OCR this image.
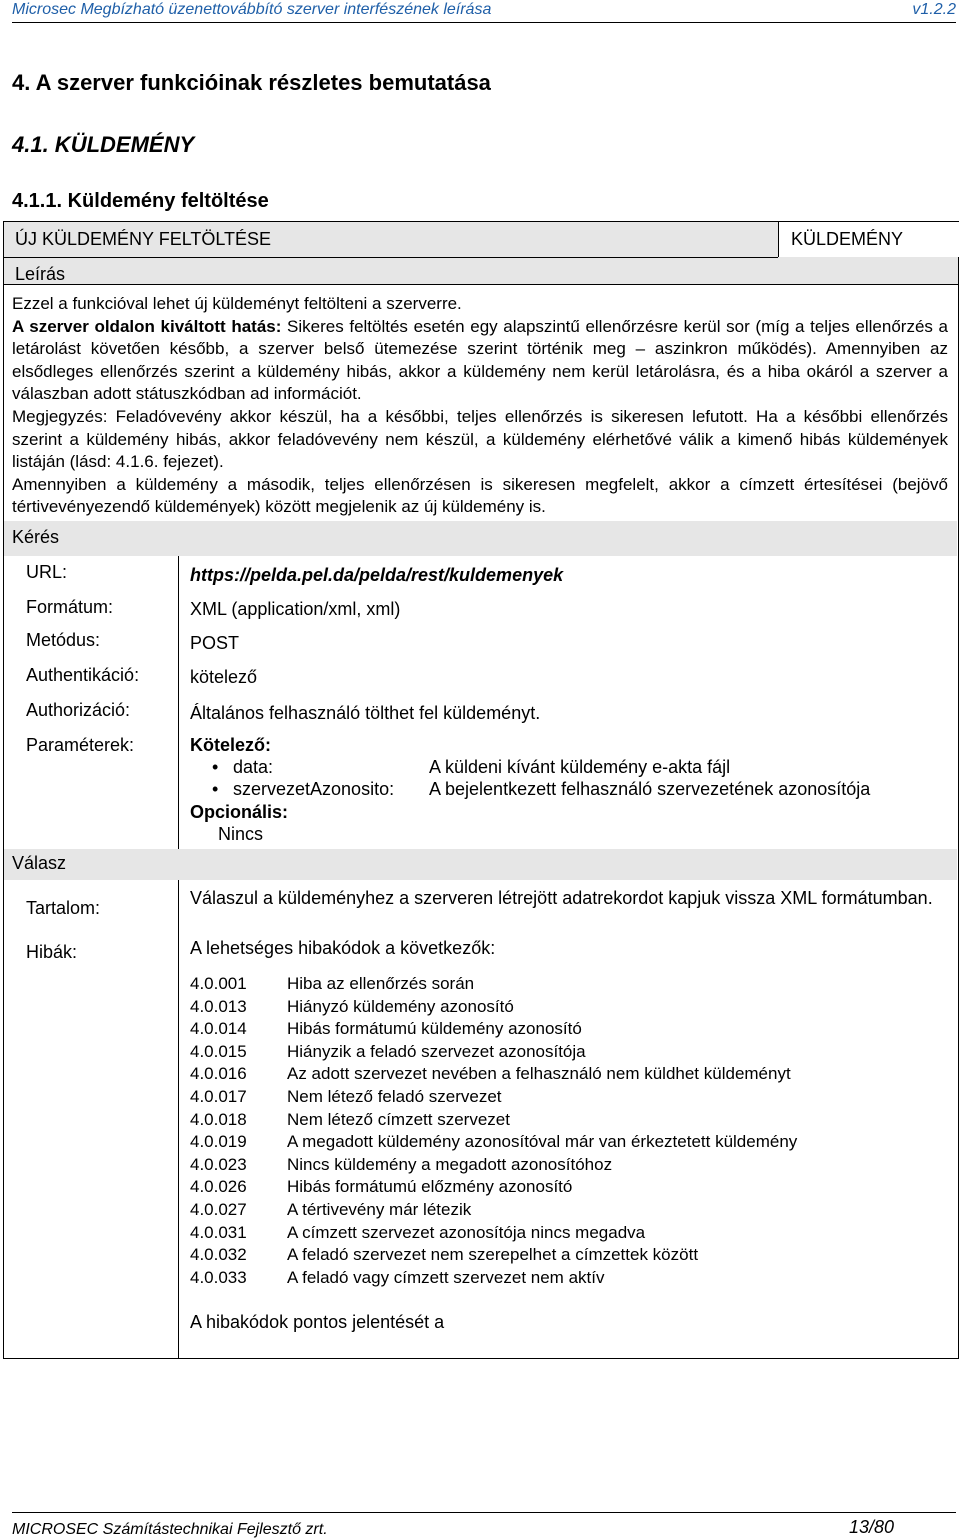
Microsec Megbízható üzenettovábbító szerver interfészének leírása	v1.2.2
4. A szerver funkcióinak részletes bemutatása
4.1. KÜLDEMÉNY
4.1.1. Küldemény feltöltése
ÚJ KÜLDEMÉNY FELTÖLTÉSE	KÜLDEMÉNY
Leírás

Ezzel a funkcióval lehet új küldeményt feltölteni a szerverre.

A szerver oldalon kiváltott hatás: Sikeres feltöltés esetén egy alapszintű ellenőrzésre kerül sor (míg a teljes ellenőrzés a letárolást követően később, a szerver belső ütemezése szerint történik meg – aszinkron működés). Amennyiben az elsődleges ellenőrzés szerint a küldemény hibás, akkor a küldemény nem kerül letárolásra, és a hiba okáról a szerver a válaszban adott státuszkódban ad információt.

Megjegyzés: Feladóvevény akkor készül, ha a későbbi, teljes ellenőrzés is sikeresen lefutott. Ha a későbbi ellenőrzés szerint a küldemény hibás, akkor feladóvevény nem készül, a küldemény elérhetővé válik a kimenő hibás küldemények listáján (lásd: 4.1.6. fejezet).

Amennyiben a küldemény a második, teljes ellenőrzésen is sikeresen megfelelt, akkor a címzett értesítései (bejövő tértivevényezendő küldemények) között megjelenik az új küldemény is.

Kérés
URL:	https://pelda.pel.da/pelda/rest/kuldemenyek
Formátum:	XML (application/xml, xml)
Metódus:	POST
Authentikáció:	kötelező
Authorizáció:	Általános felhasználó tölthet fel küldeményt.
Paraméterek:	Kötelező:
• data:	A küldeni kívánt küldemény e-akta fájl
• szervezetAzonosito: A bejelentkezett felhasználó szervezetének azonosítója
Opcionális:
Nincs
Válasz
Tartalom:	Válaszul a küldeményhez a szerveren létrejött adatrekordot kapjuk vissza XML formátumban.
Hibák:	A lehetséges hibakódok a következők:
4.0.001 Hiba az ellenőrzés során
4.0.013 Hiányzó küldemény azonosító
4.0.014 Hibás formátumú küldemény azonosító
4.0.015 Hiányzik a feladó szervezet azonosítója
4.0.016 Az adott szervezet nevében a felhasználó nem küldhet küldeményt
4.0.017 Nem létező feladó szervezet
4.0.018 Nem létező címzett szervezet
4.0.019 A megadott küldemény azonosítóval már van érkeztetett küldemény
4.0.023 Nincs küldemény a megadott azonosítóhoz
4.0.026 Hibás formátumú előzmény azonosító
4.0.027 A tértivevény már létezik
4.0.031 A címzett szervezet azonosítója nincs megadva
4.0.032 A feladó szervezet nem szerepelhet a címzettek között
4.0.033 A feladó vagy címzett szervezet nem aktív
A hibakódok pontos jelentését a
MICROSEC Számítástechnikai Fejlesztő zrt.	13/80
